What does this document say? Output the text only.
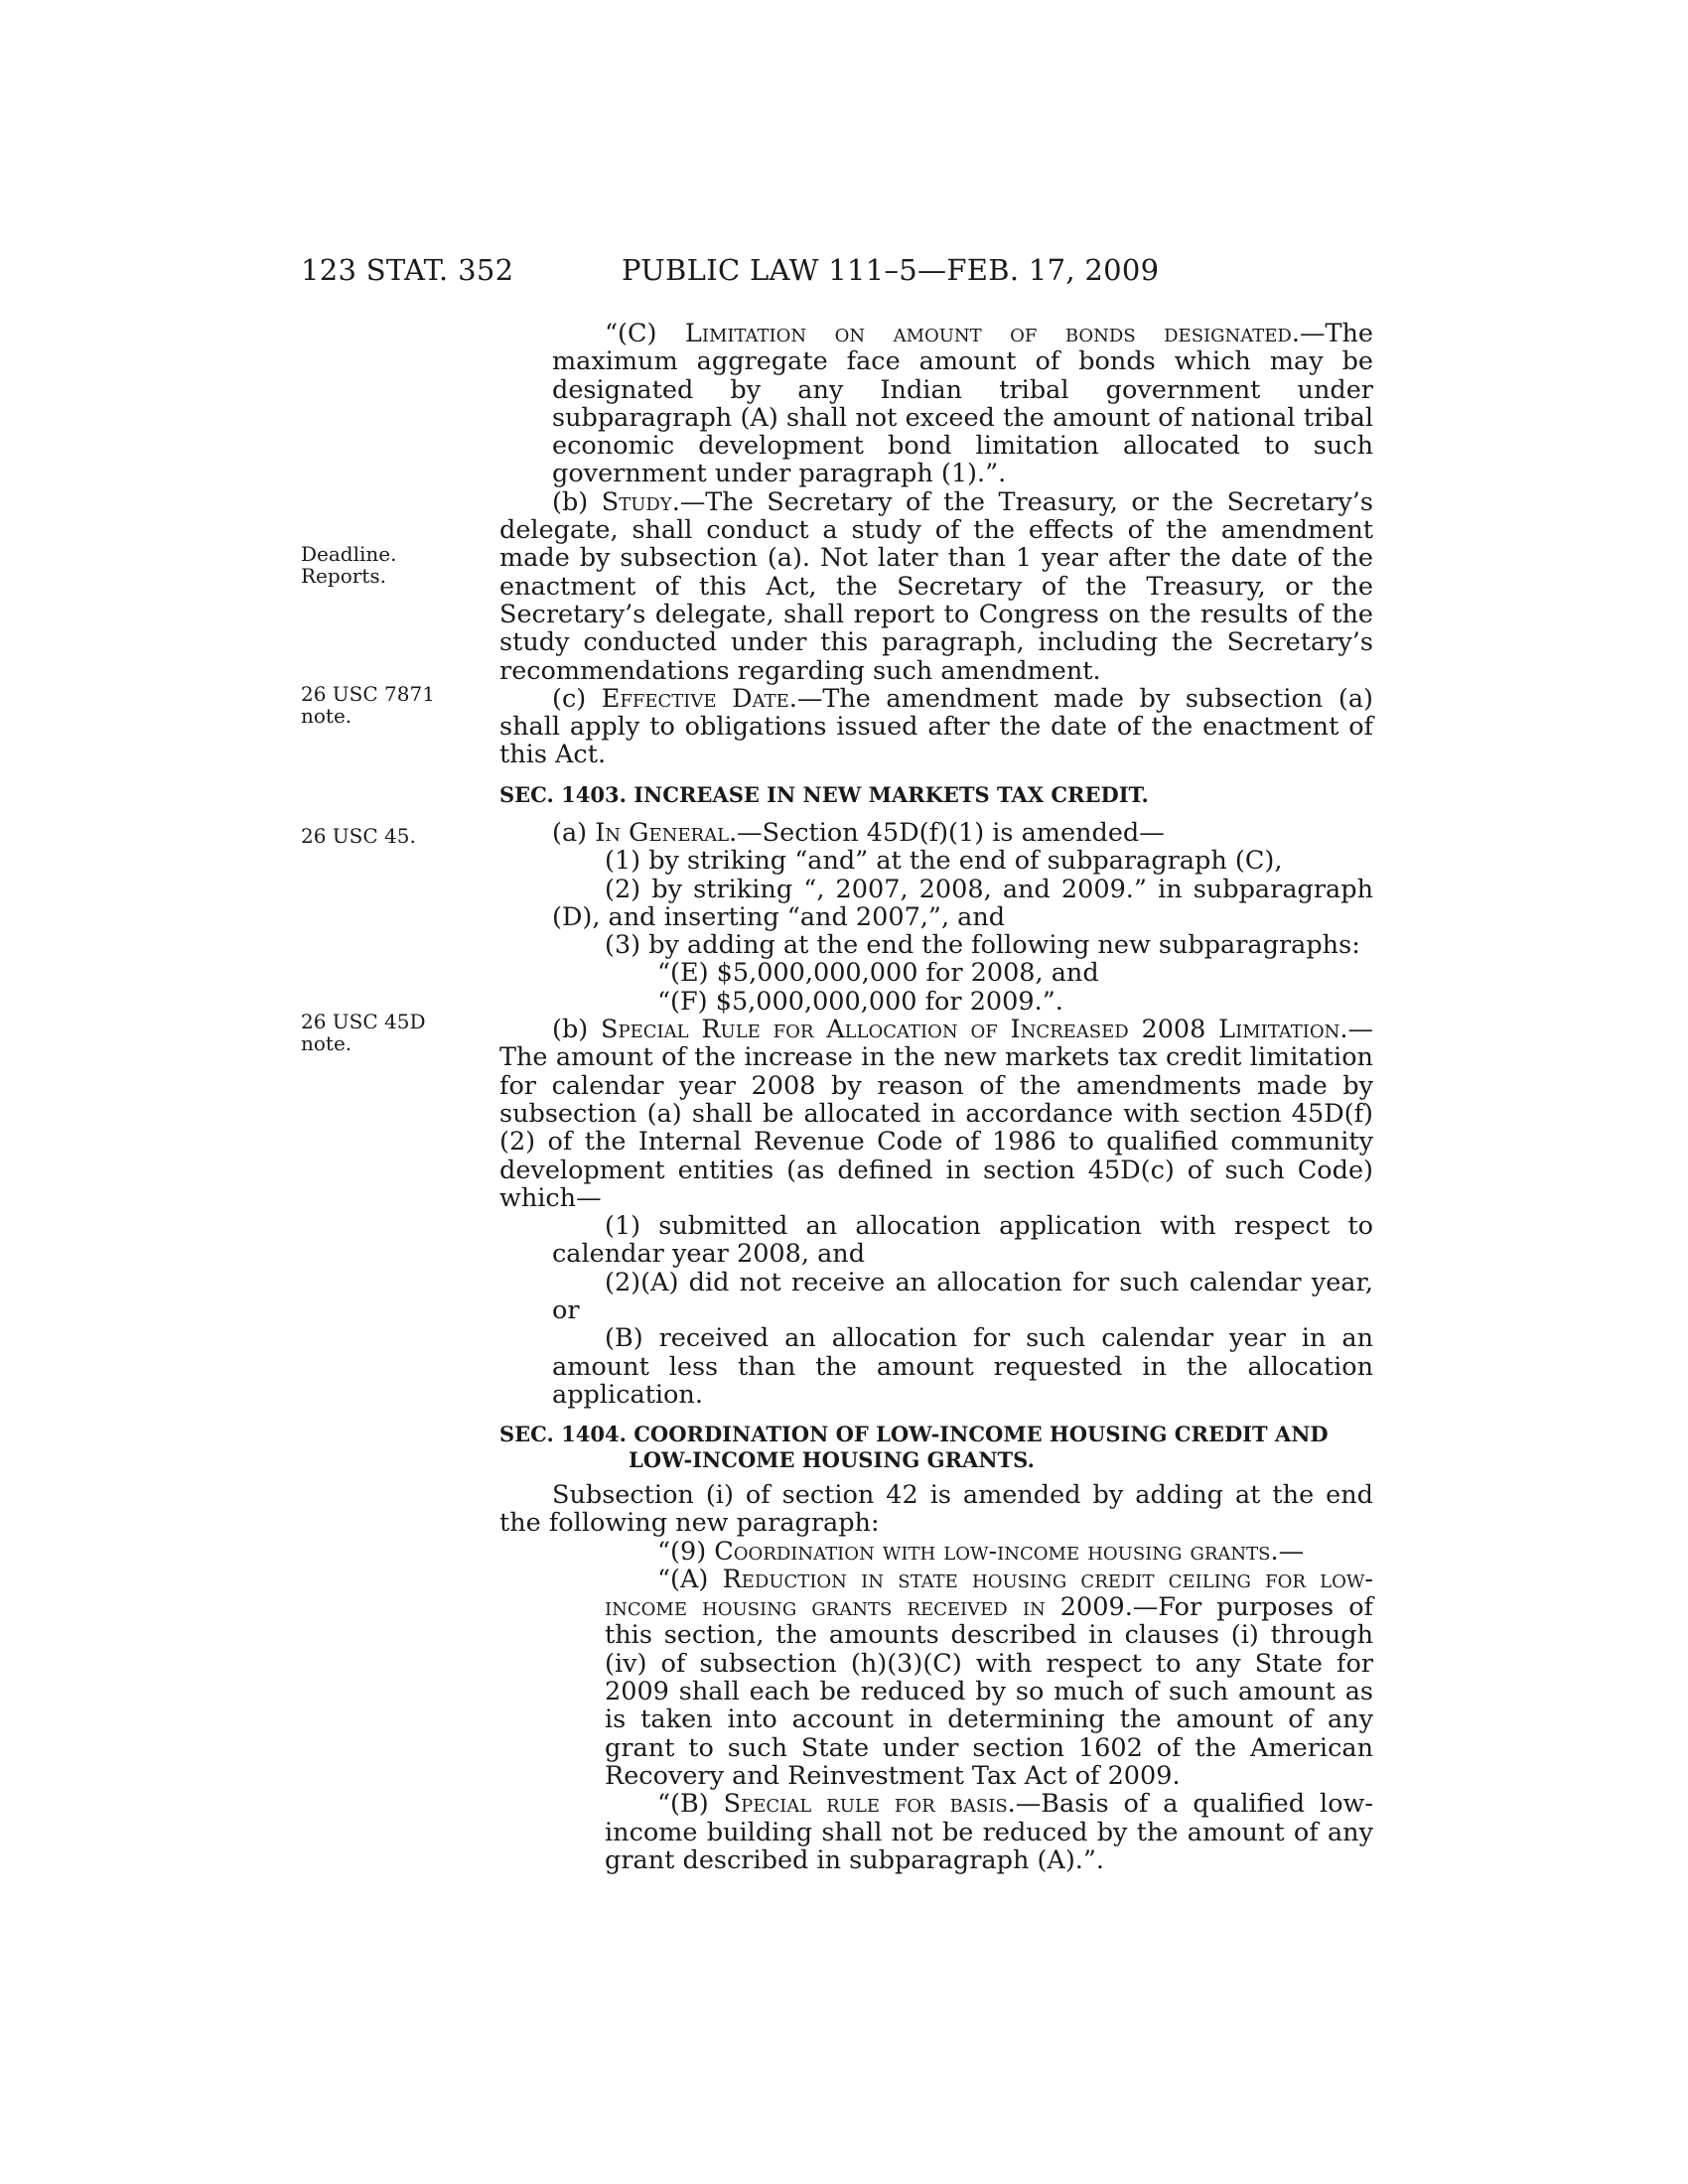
123 STAT. 352	PUBLIC LAW 111–5—FEB. 17, 2009
Deadline.
Reports.
26 USC 7871
note.
26 USC 45.
26 USC 45D
note.

“(C) Limitation on amount of bonds designated.—The maximum aggregate face amount of bonds which may be designated by any Indian tribal government under subparagraph (A) shall not exceed the amount of national tribal economic development bond limitation allocated to such government under paragraph (1).”.

(b) Study.—The Secretary of the Treasury, or the Secretary’s delegate, shall conduct a study of the effects of the amendment made by subsection (a). Not later than 1 year after the date of the enactment of this Act, the Secretary of the Treasury, or the Secretary’s delegate, shall report to Congress on the results of the study conducted under this paragraph, including the Secretary’s recommendations regarding such amendment.

(c) Effective Date.—The amendment made by subsection (a) shall apply to obligations issued after the date of the enactment of this Act.

SEC. 1403. INCREASE IN NEW MARKETS TAX CREDIT.

(a) In General.—Section 45D(f)(1) is amended—

(1) by striking “and” at the end of subparagraph (C),

(2) by striking “, 2007, 2008, and 2009.” in subparagraph (D), and inserting “and 2007,”, and

(3) by adding at the end the following new subparagraphs:

“(E) $5,000,000,000 for 2008, and

“(F) $5,000,000,000 for 2009.”.

(b) Special Rule for Allocation of Increased 2008 Limitation.—The amount of the increase in the new markets tax credit limitation for calendar year 2008 by reason of the amendments made by subsection (a) shall be allocated in accordance with section 45D(f)(2) of the Internal Revenue Code of 1986 to qualified community development entities (as defined in section 45D(c) of such Code) which—

(1) submitted an allocation application with respect to calendar year 2008, and

(2)(A) did not receive an allocation for such calendar year, or

(B) received an allocation for such calendar year in an amount less than the amount requested in the allocation application.

SEC. 1404. COORDINATION OF LOW-INCOME HOUSING CREDIT AND
LOW-INCOME HOUSING GRANTS.

Subsection (i) of section 42 is amended by adding at the end the following new paragraph:

“(9) Coordination with low-income housing grants.—

“(A) Reduction in state housing credit ceiling for low-income housing grants received in 2009.—For purposes of this section, the amounts described in clauses (i) through (iv) of subsection (h)(3)(C) with respect to any State for 2009 shall each be reduced by so much of such amount as is taken into account in determining the amount of any grant to such State under section 1602 of the American Recovery and Reinvestment Tax Act of 2009.

“(B) Special rule for basis.—Basis of a qualified low-income building shall not be reduced by the amount of any grant described in subparagraph (A).”.
